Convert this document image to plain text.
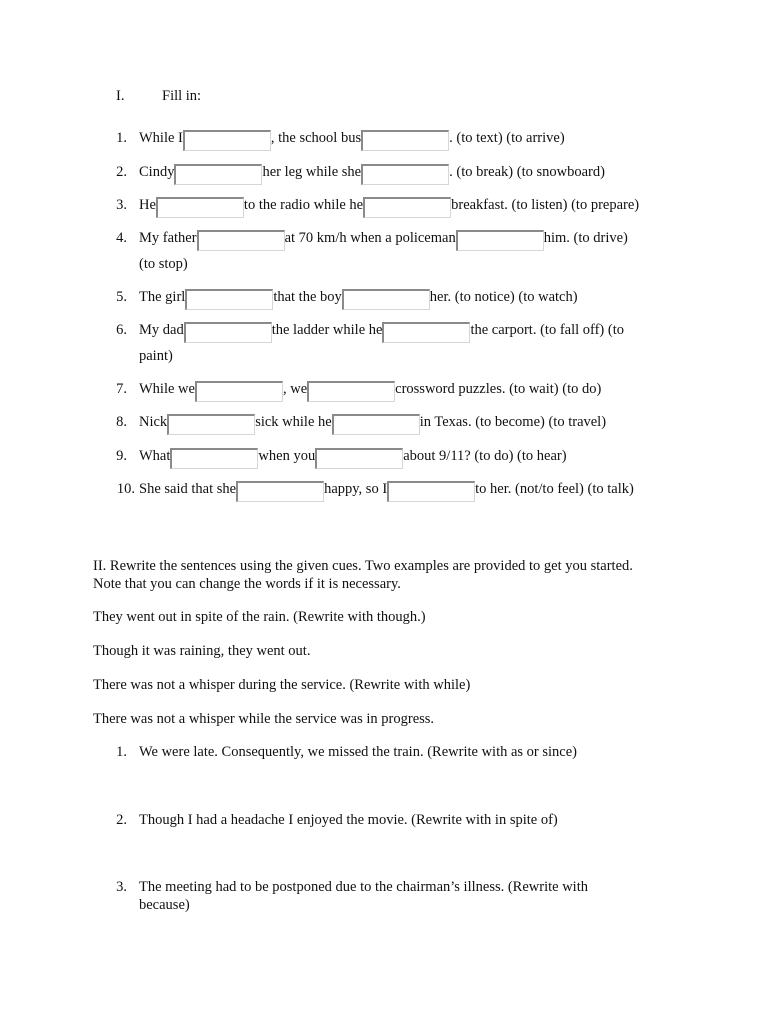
I.	Fill in:
1. While I	, the school bus	. (to text) (to arrive)
2. Cindy	her leg while she	. (to break) (to snowboard)
3. He	to the radio while he	breakfast. (to listen) (to prepare)
4. My father	at 70 km/h when a policeman	him. (to drive)
(to stop)
5. The girl	that the boy	her. (to notice) (to watch)
6. My dad	the ladder while he	the carport. (to fall off) (to
paint)
7. While we	, we	crossword puzzles. (to wait) (to do)
8. Nick	sick while he	in Texas. (to become) (to travel)
9. What	when you	about 9/11? (to do) (to hear)
10. She said that she	happy, so I	to her. (not/to feel) (to talk)
II. Rewrite the sentences using the given cues. Two examples are provided to get you started.
Note that you can change the words if it is necessary.
They went out in spite of the rain. (Rewrite with though.)
Though it was raining, they went out.
There was not a whisper during the service. (Rewrite with while)
There was not a whisper while the service was in progress.
1. We were late. Consequently, we missed the train. (Rewrite with as or since)
2. Though I had a headache I enjoyed the movie. (Rewrite with in spite of)
3. The meeting had to be postponed due to the chairman’s illness. (Rewrite with
because)
